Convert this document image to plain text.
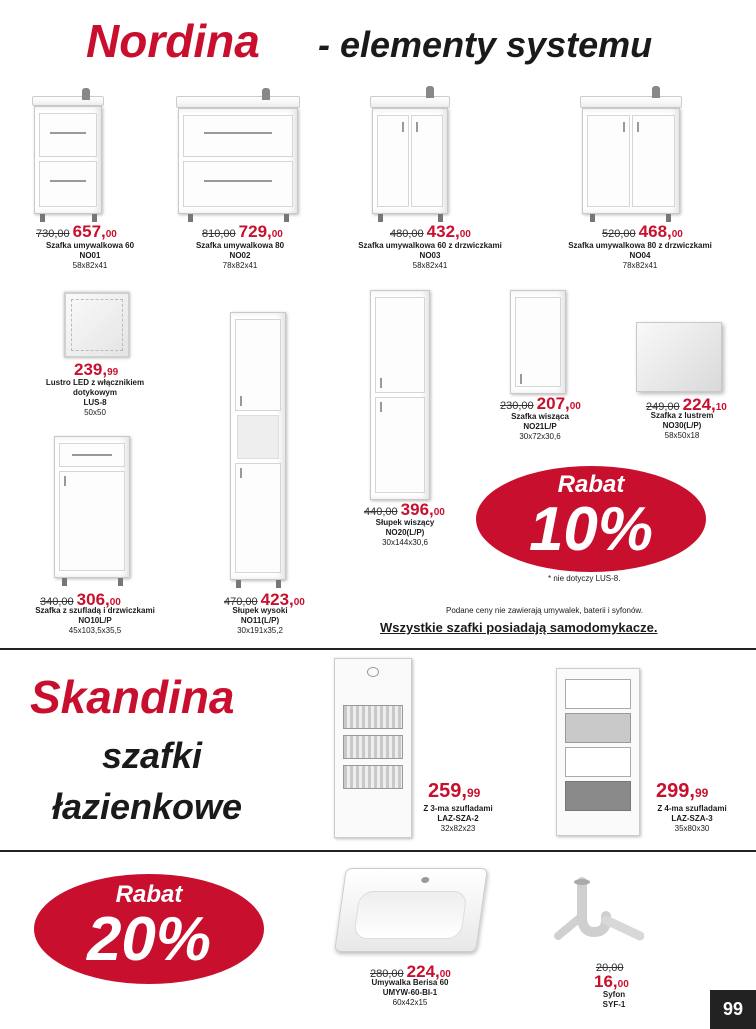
Nordina - elementy systemu
730,00 657,00
Szafka umywalkowa 60
NO01
58x82x41
810,00 729,00
Szafka umywalkowa 80
NO02
78x82x41
480,00 432,00
Szafka umywalkowa 60 z drzwiczkami
NO03
58x82x41
520,00 468,00
Szafka umywalkowa 80 z drzwiczkami
NO04
78x82x41
239,99
Lustro LED z włącznikiem
dotykowym
LUS-8
50x50
440,00 396,00
Słupek wiszący
NO20(L/P)
30x144x30,6
230,00 207,00
Szafka wisząca
NO21L/P
30x72x30,6
249,00 224,10
Szafka z lustrem
NO30(L/P)
58x50x18
340,00 306,00
Szafka z szufladą i drzwiczkami
NO10L/P
45x103,5x35,5
470,00 423,00
Słupek wysoki
NO11(L/P)
30x191x35,2
Rabat
10%
* nie dotyczy LUS-8.
Podane ceny nie zawierają umywalek, baterii i syfonów.
Wszystkie szafki posiadają samodomykacze.
Skandina
szafki
łazienkowe	259,99
Z 3-ma szufladami
LAZ-SZA-2
32x82x23
299,99
Z 4-ma szufladami
LAZ-SZA-3
35x80x30
Rabat
20%	280,00 224,00
Umywalka Berisa 60
UMYW-60-BI-1
60x42x15
20,00
16,00
Syfon
SYF-1	99
